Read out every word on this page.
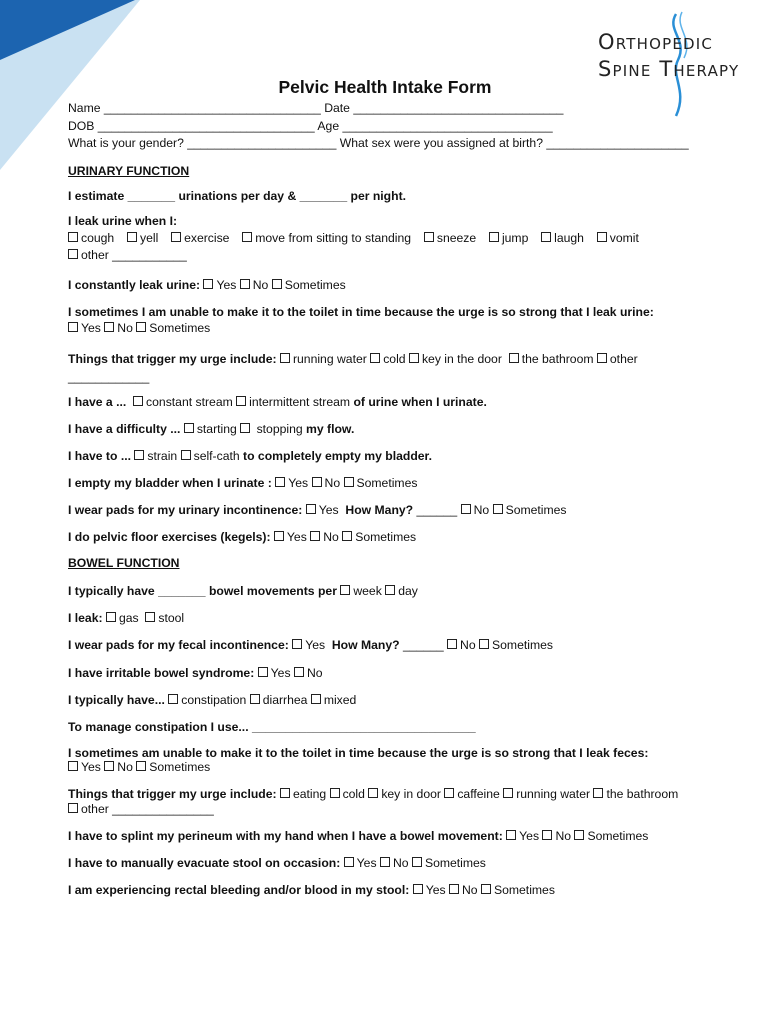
Orthopedic
Spine Therapy
Pelvic Health Intake Form
Name ________________________________ Date _______________________________
DOB ________________________________ Age _______________________________
What is your gender? ______________________ What sex were you assigned at birth? _____________________
URINARY FUNCTION
I estimate _______ urinations per day & _______ per night.
I leak urine when I:
cough yell exercise move from sitting to standing sneeze jump laugh vomit
other ___________
I constantly leak urine: Yes No Sometimes
I sometimes I am unable to make it to the toilet in time because the urge is so strong that I leak urine:
Yes No Sometimes
Things that trigger my urge include: running water cold key in the door the bathroom other
____________
I have a ... constant stream intermittent stream of urine when I urinate.
I have a difficulty ... starting stopping my flow.
I have to ... strain self-cath to completely empty my bladder.
I empty my bladder when I urinate : Yes No Sometimes
I wear pads for my urinary incontinence: Yes How Many? ______ No Sometimes
I do pelvic floor exercises (kegels): Yes No Sometimes
BOWEL FUNCTION
I typically have _______ bowel movements per week day
I leak: gas stool
I wear pads for my fecal incontinence: Yes How Many? ______ No Sometimes
I have irritable bowel syndrome: Yes No
I typically have... constipation diarrhea mixed
To manage constipation I use... _________________________________
I sometimes am unable to make it to the toilet in time because the urge is so strong that I leak feces:
Yes No Sometimes
Things that trigger my urge include: eating cold key in door caffeine running water the bathroom
other _______________
I have to splint my perineum with my hand when I have a bowel movement: Yes No Sometimes
I have to manually evacuate stool on occasion: Yes No Sometimes
I am experiencing rectal bleeding and/or blood in my stool: Yes No Sometimes
